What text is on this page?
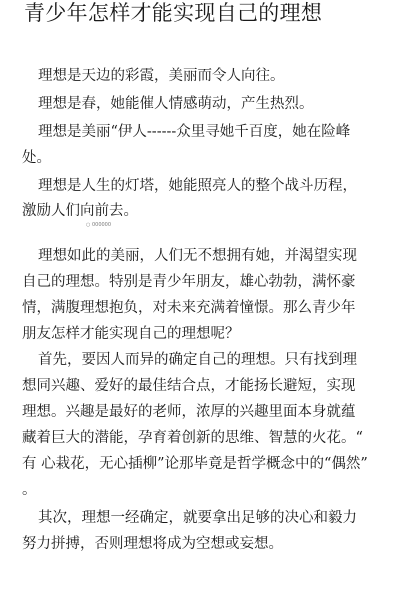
青少年怎样才能实现自己的理想

理想是天边的彩霞，美丽而令人向往。

理想是春，她能催人情感萌动，产生热烈。

理想是美丽“伊人------众里寻她千百度，她在险峰

处。

理想是人生的灯塔，她能照亮人的整个战斗历程，

激励人们向前去。

○ 000000

理想如此的美丽，人们无不想拥有她，并渴望实现

自己的理想。特别是青少年朋友，雄心勃勃，满怀豪

情，满腹理想抱负，对未来充满着憧憬。那么青少年

朋友怎样才能实现自己的理想呢？

首先，要因人而异的确定自己的理想。只有找到理

想同兴趣、爱好的最佳结合点，才能扬长避短，实现

理想。兴趣是最好的老师，浓厚的兴趣里面本身就蕴

藏着巨大的潜能，孕育着创新的思维、智慧的火花。“

有 心栽花，无心插柳”论那毕竟是哲学概念中的“偶然”

。

其次，理想一经确定，就要拿出足够的决心和毅力

努力拼搏，否则理想将成为空想或妄想。
